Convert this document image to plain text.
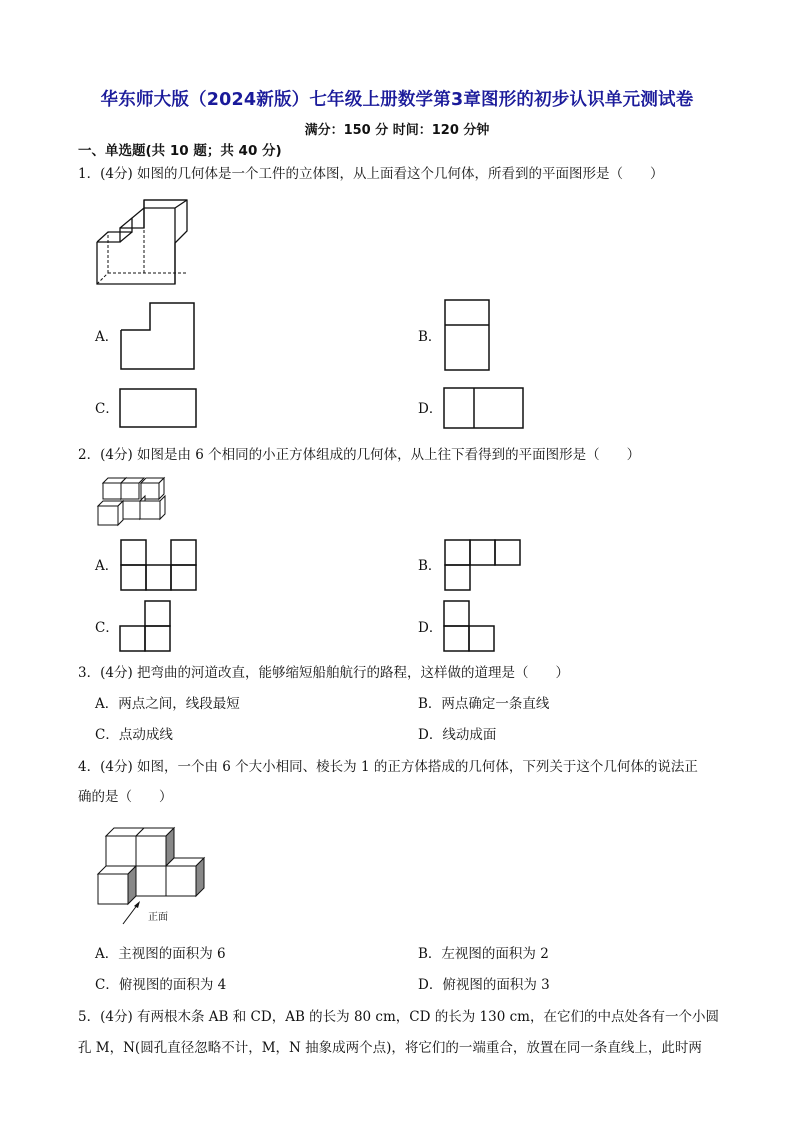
华东师大版（2024新版）七年级上册数学第3章图形的初步认识单元测试卷
满分：150 分 时间：120 分钟
一、单选题(共 10 题；共 40 分)
1．(4分) 如图的几何体是一个工件的立体图，从上面看这个几何体，所看到的平面图形是（　　）
A．	B．
C．	D．
2．(4分) 如图是由 6 个相同的小正方体组成的几何体，从上往下看得到的平面图形是（　　）
A．	B．
C．	D．
3．(4分) 把弯曲的河道改直，能够缩短船舶航行的路程，这样做的道理是（　　）
A．两点之间，线段最短	B．两点确定一条直线
C．点动成线	D．线动成面
4．(4分) 如图，一个由 6 个大小相同、棱长为 1 的正方体搭成的几何体，下列关于这个几何体的说法正
确的是（　　）
正面
A．主视图的面积为 6	B．左视图的面积为 2
C．俯视图的面积为 4	D．俯视图的面积为 3
5．(4分) 有两根木条 AB 和 CD，AB 的长为 80 cm，CD 的长为 130 cm，在它们的中点处各有一个小圆
孔 M，N(圆孔直径忽略不计，M，N 抽象成两个点)，将它们的一端重合，放置在同一条直线上，此时两
